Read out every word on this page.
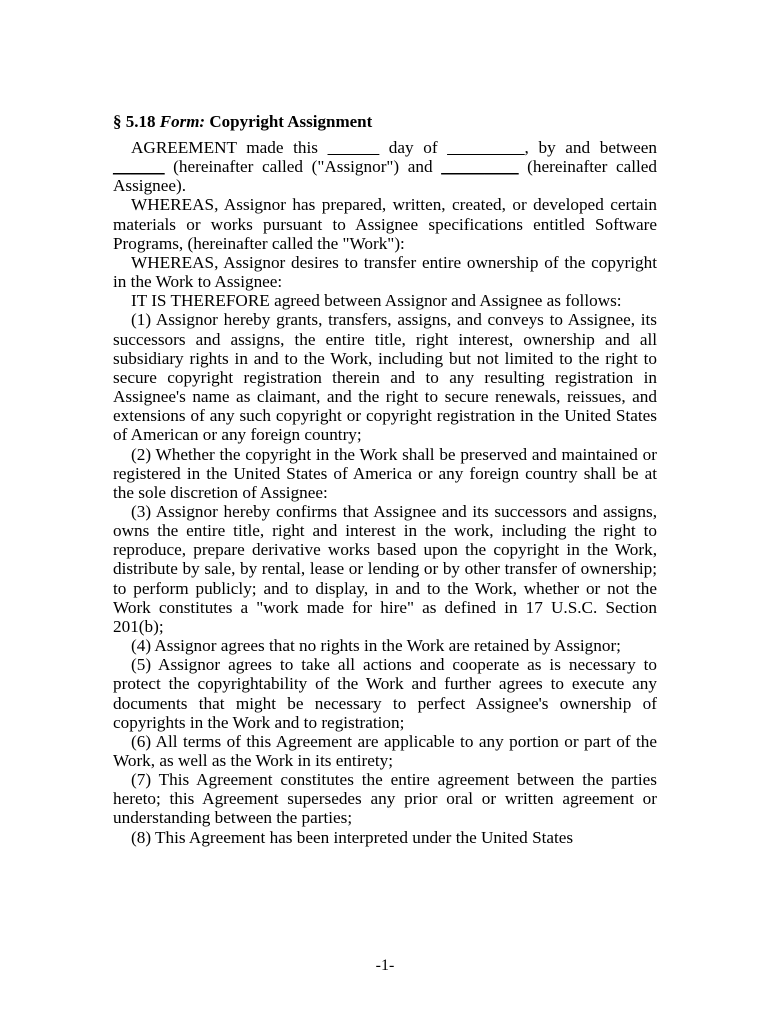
§ 5.18 Form: Copyright Assignment

AGREEMENT made this ______ day of _________, by and between ______ (hereinafter called ("Assignor") and _________ (hereinafter called Assignee).

WHEREAS, Assignor has prepared, written, created, or developed certain materials or works pursuant to Assignee specifications entitled Software Programs, (hereinafter called the "Work"):

WHEREAS, Assignor desires to transfer entire ownership of the copyright in the Work to Assignee:

IT IS THEREFORE agreed between Assignor and Assignee as follows:

(1) Assignor hereby grants, transfers, assigns, and conveys to Assignee, its successors and assigns, the entire title, right interest, ownership and all subsidiary rights in and to the Work, including but not limited to the right to secure copyright registration therein and to any resulting registration in Assignee's name as claimant, and the right to secure renewals, reissues, and extensions of any such copyright or copyright registration in the United States of American or any foreign country;

(2) Whether the copyright in the Work shall be preserved and maintained or registered in the United States of America or any foreign country shall be at the sole discretion of Assignee:

(3) Assignor hereby confirms that Assignee and its successors and assigns, owns the entire title, right and interest in the work, including the right to reproduce, prepare derivative works based upon the copyright in the Work, distribute by sale, by rental, lease or lending or by other transfer of ownership; to perform publicly; and to display, in and to the Work, whether or not the Work constitutes a "work made for hire" as defined in 17 U.S.C. Section 201(b);

(4) Assignor agrees that no rights in the Work are retained by Assignor;

(5) Assignor agrees to take all actions and cooperate as is necessary to protect the copyrightability of the Work and further agrees to execute any documents that might be necessary to perfect Assignee's ownership of copyrights in the Work and to registration;

(6) All terms of this Agreement are applicable to any portion or part of the Work, as well as the Work in its entirety;

(7) This Agreement constitutes the entire agreement between the parties hereto; this Agreement supersedes any prior oral or written agreement or understanding between the parties;

(8) This Agreement has been interpreted under the United States

-1-
